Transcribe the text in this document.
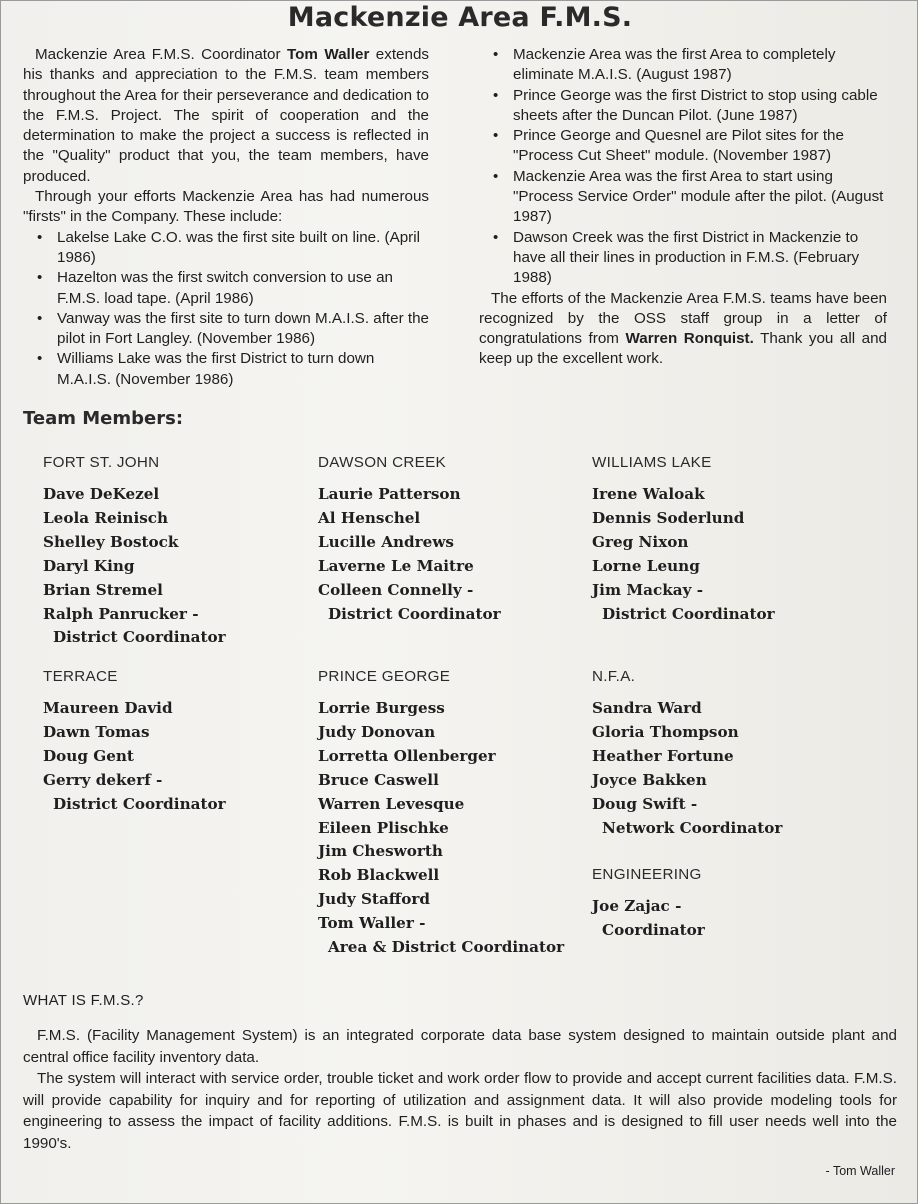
Mackenzie Area F.M.S.

Mackenzie Area F.M.S. Coordinator Tom Waller extends his thanks and appreciation to the F.M.S. team members throughout the Area for their perseverance and dedication to the F.M.S. Project. The spirit of cooperation and the determination to make the project a success is reflected in the "Quality" product that you, the team members, have produced.

Through your efforts Mackenzie Area has had numerous "firsts" in the Company. These include:

• Lakelse Lake C.O. was the first site built on line. (April 1986)
• Hazelton was the first switch conversion to use an F.M.S. load tape. (April 1986)
• Vanway was the first site to turn down M.A.I.S. after the pilot in Fort Langley. (November 1986)
• Williams Lake was the first District to turn down M.A.I.S. (November 1986)
• Mackenzie Area was the first Area to completely eliminate M.A.I.S. (August 1987)
• Prince George was the first District to stop using cable sheets after the Duncan Pilot. (June 1987)
• Prince George and Quesnel are Pilot sites for the "Process Cut Sheet" module. (November 1987)
• Mackenzie Area was the first Area to start using "Process Service Order" module after the pilot. (August 1987)
• Dawson Creek was the first District in Mackenzie to have all their lines in production in F.M.S. (February 1988)

The efforts of the Mackenzie Area F.M.S. teams have been recognized by the OSS staff group in a letter of congratulations from Warren Ronquist. Thank you all and keep up the excellent work.

Team Members:
FORT ST. JOHN
Dave DeKezel
Leola Reinisch
Shelley Bostock
Daryl King
Brian Stremel
Ralph Panrucker -
District Coordinator
DAWSON CREEK
Laurie Patterson
Al Henschel
Lucille Andrews
Laverne Le Maitre
Colleen Connelly -
District Coordinator
WILLIAMS LAKE
Irene Waloak
Dennis Soderlund
Greg Nixon
Lorne Leung
Jim Mackay -
District Coordinator
TERRACE
Maureen David
Dawn Tomas
Doug Gent
Gerry dekerf -
District Coordinator
PRINCE GEORGE
Lorrie Burgess
Judy Donovan
Lorretta Ollenberger
Bruce Caswell
Warren Levesque
Eileen Plischke
Jim Chesworth
Rob Blackwell
Judy Stafford
Tom Waller -
Area & District Coordinator
N.F.A.
Sandra Ward
Gloria Thompson
Heather Fortune
Joyce Bakken
Doug Swift -
Network Coordinator
ENGINEERING
Joe Zajac -
Coordinator
WHAT IS F.M.S.?

F.M.S. (Facility Management System) is an integrated corporate data base system designed to maintain outside plant and central office facility inventory data.

The system will interact with service order, trouble ticket and work order flow to provide and accept current facilities data. F.M.S. will provide capability for inquiry and for reporting of utilization and assignment data. It will also provide modeling tools for engineering to assess the impact of facility additions. F.M.S. is built in phases and is designed to fill user needs well into the 1990's.

- Tom Waller
